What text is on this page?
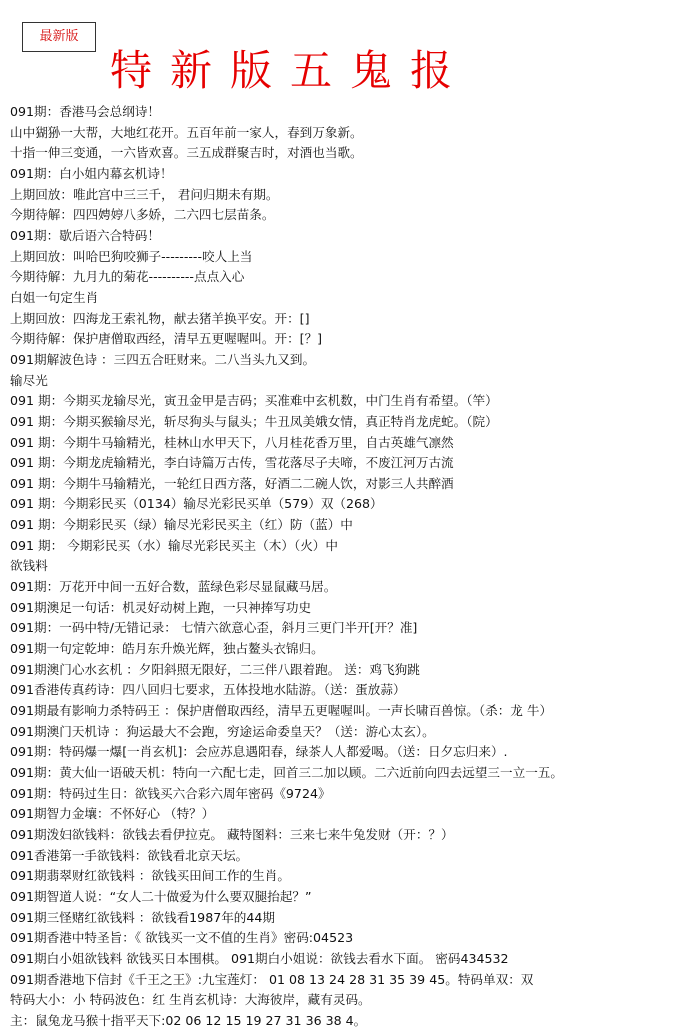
最新版
特新版五鬼报
091期：香港马会总纲诗！
山中猢狲一大帮，大地红花开。五百年前一家人，春到万象新。
十指一伸三变通，一六皆欢喜。三五成群聚吉时，对酒也当歌。
091期：白小姐内幕玄机诗！
上期回放：唯此宫中三三千， 君问归期未有期。
今期待解：四四娉婷八多娇，二六四七层苗条。
091期：歇后语六合特码！
上期回放：叫哈巴狗咬狮子---------咬人上当
今期待解：九月九的菊花----------点点入心
白姐一句定生肖
上期回放：四海龙王索礼物，献去猪羊换平安。开：[]
今期待解：保护唐僧取西经，清早五更喔喔叫。开：[？]
091期解波色诗 ：三四五合旺财来。二八当头九又到。
输尽光
091 期：今期买龙输尽光，寅丑金甲是吉码；买准难中玄机数，中门生肖有希望。（竿）
091 期：今期买猴输尽光，斩尽狗头与鼠头；牛丑凤美娥女情，真正特肖龙虎蛇。（院）
091 期：今期牛马输精光，桂林山水甲天下，八月桂花香万里，自古英雄气凛然
091 期：今期龙虎输精光，李白诗篇万古传，雪花落尽子夫啼，不废江河万古流
091 期：今期牛马输精光，一轮红日西方落，好酒二二碗人饮，对影三人共醉酒
091 期：今期彩民买（0134）输尽光彩民买单（579）双（268）
091 期：今期彩民买（绿）输尽光彩民买主（红）防（蓝）中
091 期： 今期彩民买（水）输尽光彩民买主（木）（火）中
欲钱料
091期：万花开中间一五好合数，蓝绿色彩尽显鼠藏马居。
091期澳足一句话：机灵好动树上跑，一只神捧写功史
091期：一码中特/无错记录： 七情六欲意心歪，斜月三更门半开[开？准]
091期一句定乾坤：皓月东升焕光辉，独占鳌头衣锦归。
091期澳门心水玄机 ：夕阳斜照无限好，二三伴八跟着跑。 送：鸡飞狗跳
091香港传真药诗：四八回归七要求，五体投地水陆游。（送：蛋放蒜）
091期最有影响力杀特码王 ：保护唐僧取西经，清早五更喔喔叫。一声长啸百兽惊。（杀：龙 牛）
091期澳门天机诗 ：狗运最大不会跑，穷途运命委皇天？（送：游心太玄）。
091期：特码爆一爆[一肖玄机]：会应苏息遇阳春，绿茶人人都爱喝。（送：日夕忘归来）.
091期：黄大仙一语破天机：特向一六配七走，回首三二加以顾。二六近前向四去远望三一立一五。
091期：特码过生日：欲钱买六合彩六周年密码《9724》
091期智力金壤：不怀好心 （特？）
091期泼妇欲钱料：欲钱去看伊拉克。 藏特图料：三来七来牛兔发财（开：？）
091香港第一手欲钱料：欲钱看北京天坛。
091期翡翠财红欲钱料 ：欲钱买田间工作的生肖。
091期智道人说：“女人二十做爱为什么要双腿抬起？”
091期三怪赌红欲钱料 ：欲钱看1987年的44期
091期香港中特圣旨：《 欲钱买一文不值的生肖》密码:04523
091期白小姐欲钱料 欲钱买日本围棋。 091期白小姐说：欲钱去看水下面。 密码434532
091期香港地下信封《千王之王》:九宝莲灯： 01 08 13 24 28 31 35 39 45。特码单双：双
特码大小：小 特码波色：红 生肖玄机诗：大海彼岸，藏有灵码。
主：鼠兔龙马猴十指平天下:02 06 12 15 19 27 31 36 38 4。
